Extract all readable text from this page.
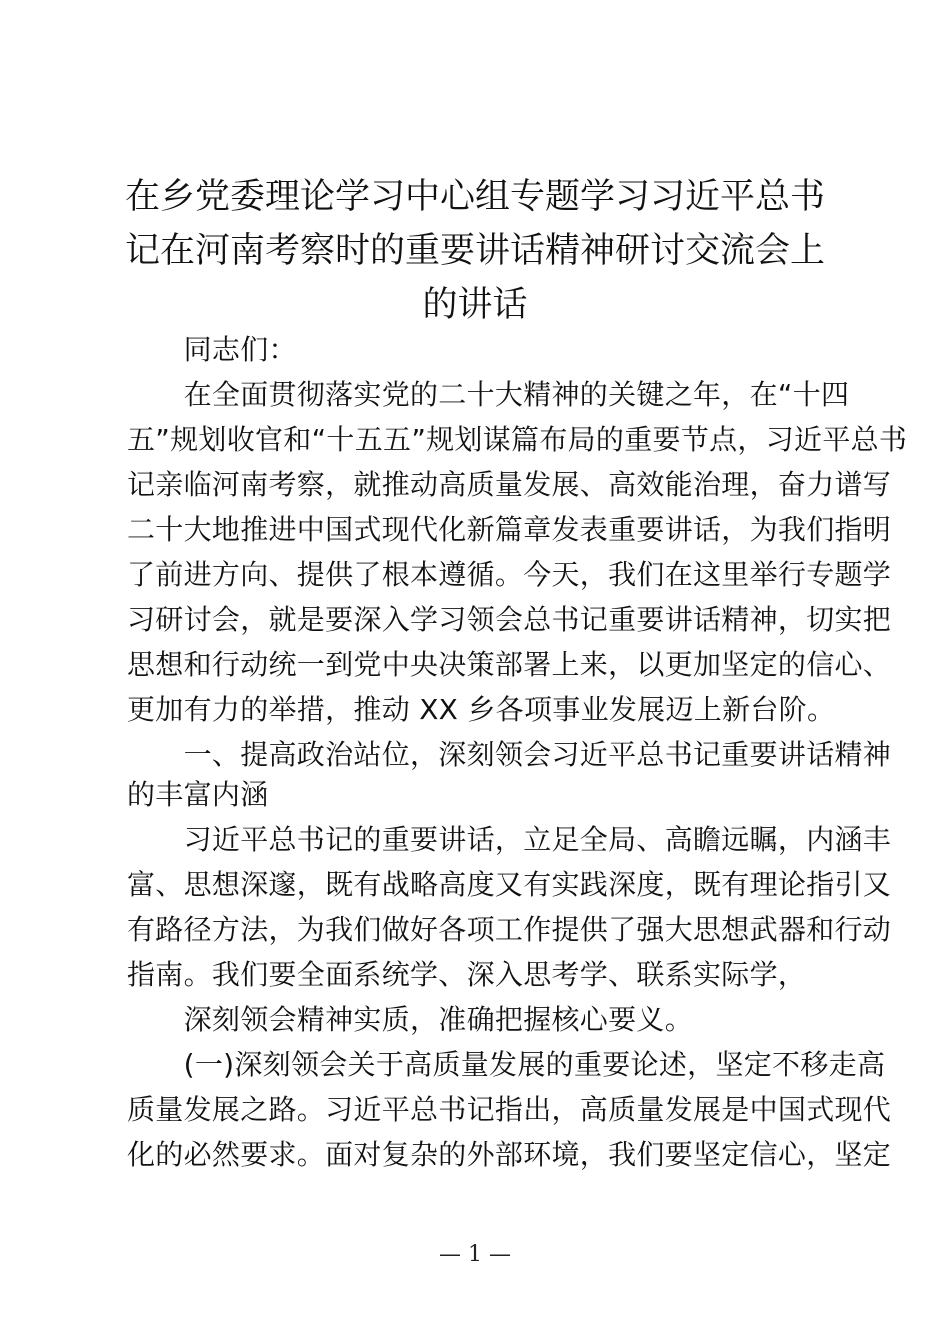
在乡党委理论学习中心组专题学习习近平总书
记在河南考察时的重要讲话精神研讨交流会上
的讲话
　　同志们：
　　在全面贯彻落实党的二十大精神的关键之年，在“十四
五”规划收官和“十五五”规划谋篇布局的重要节点，习近平总书
记亲临河南考察，就推动高质量发展、高效能治理，奋力谱写
二十大地推进中国式现代化新篇章发表重要讲话，为我们指明
了前进方向、提供了根本遵循。今天，我们在这里举行专题学
习研讨会，就是要深入学习领会总书记重要讲话精神，切实把
思想和行动统一到党中央决策部署上来，以更加坚定的信心、
更加有力的举措，推动 XX 乡各项事业发展迈上新台阶。
　　一、提高政治站位，深刻领会习近平总书记重要讲话精神
的丰富内涵
　　习近平总书记的重要讲话，立足全局、高瞻远瞩，内涵丰
富、思想深邃，既有战略高度又有实践深度，既有理论指引又
有路径方法，为我们做好各项工作提供了强大思想武器和行动
指南。我们要全面系统学、深入思考学、联系实际学，
　　深刻领会精神实质，准确把握核心要义。
　　(一)深刻领会关于高质量发展的重要论述，坚定不移走高
质量发展之路。习近平总书记指出，高质量发展是中国式现代
化的必然要求。面对复杂的外部环境，我们要坚定信心，坚定
— 1 —
